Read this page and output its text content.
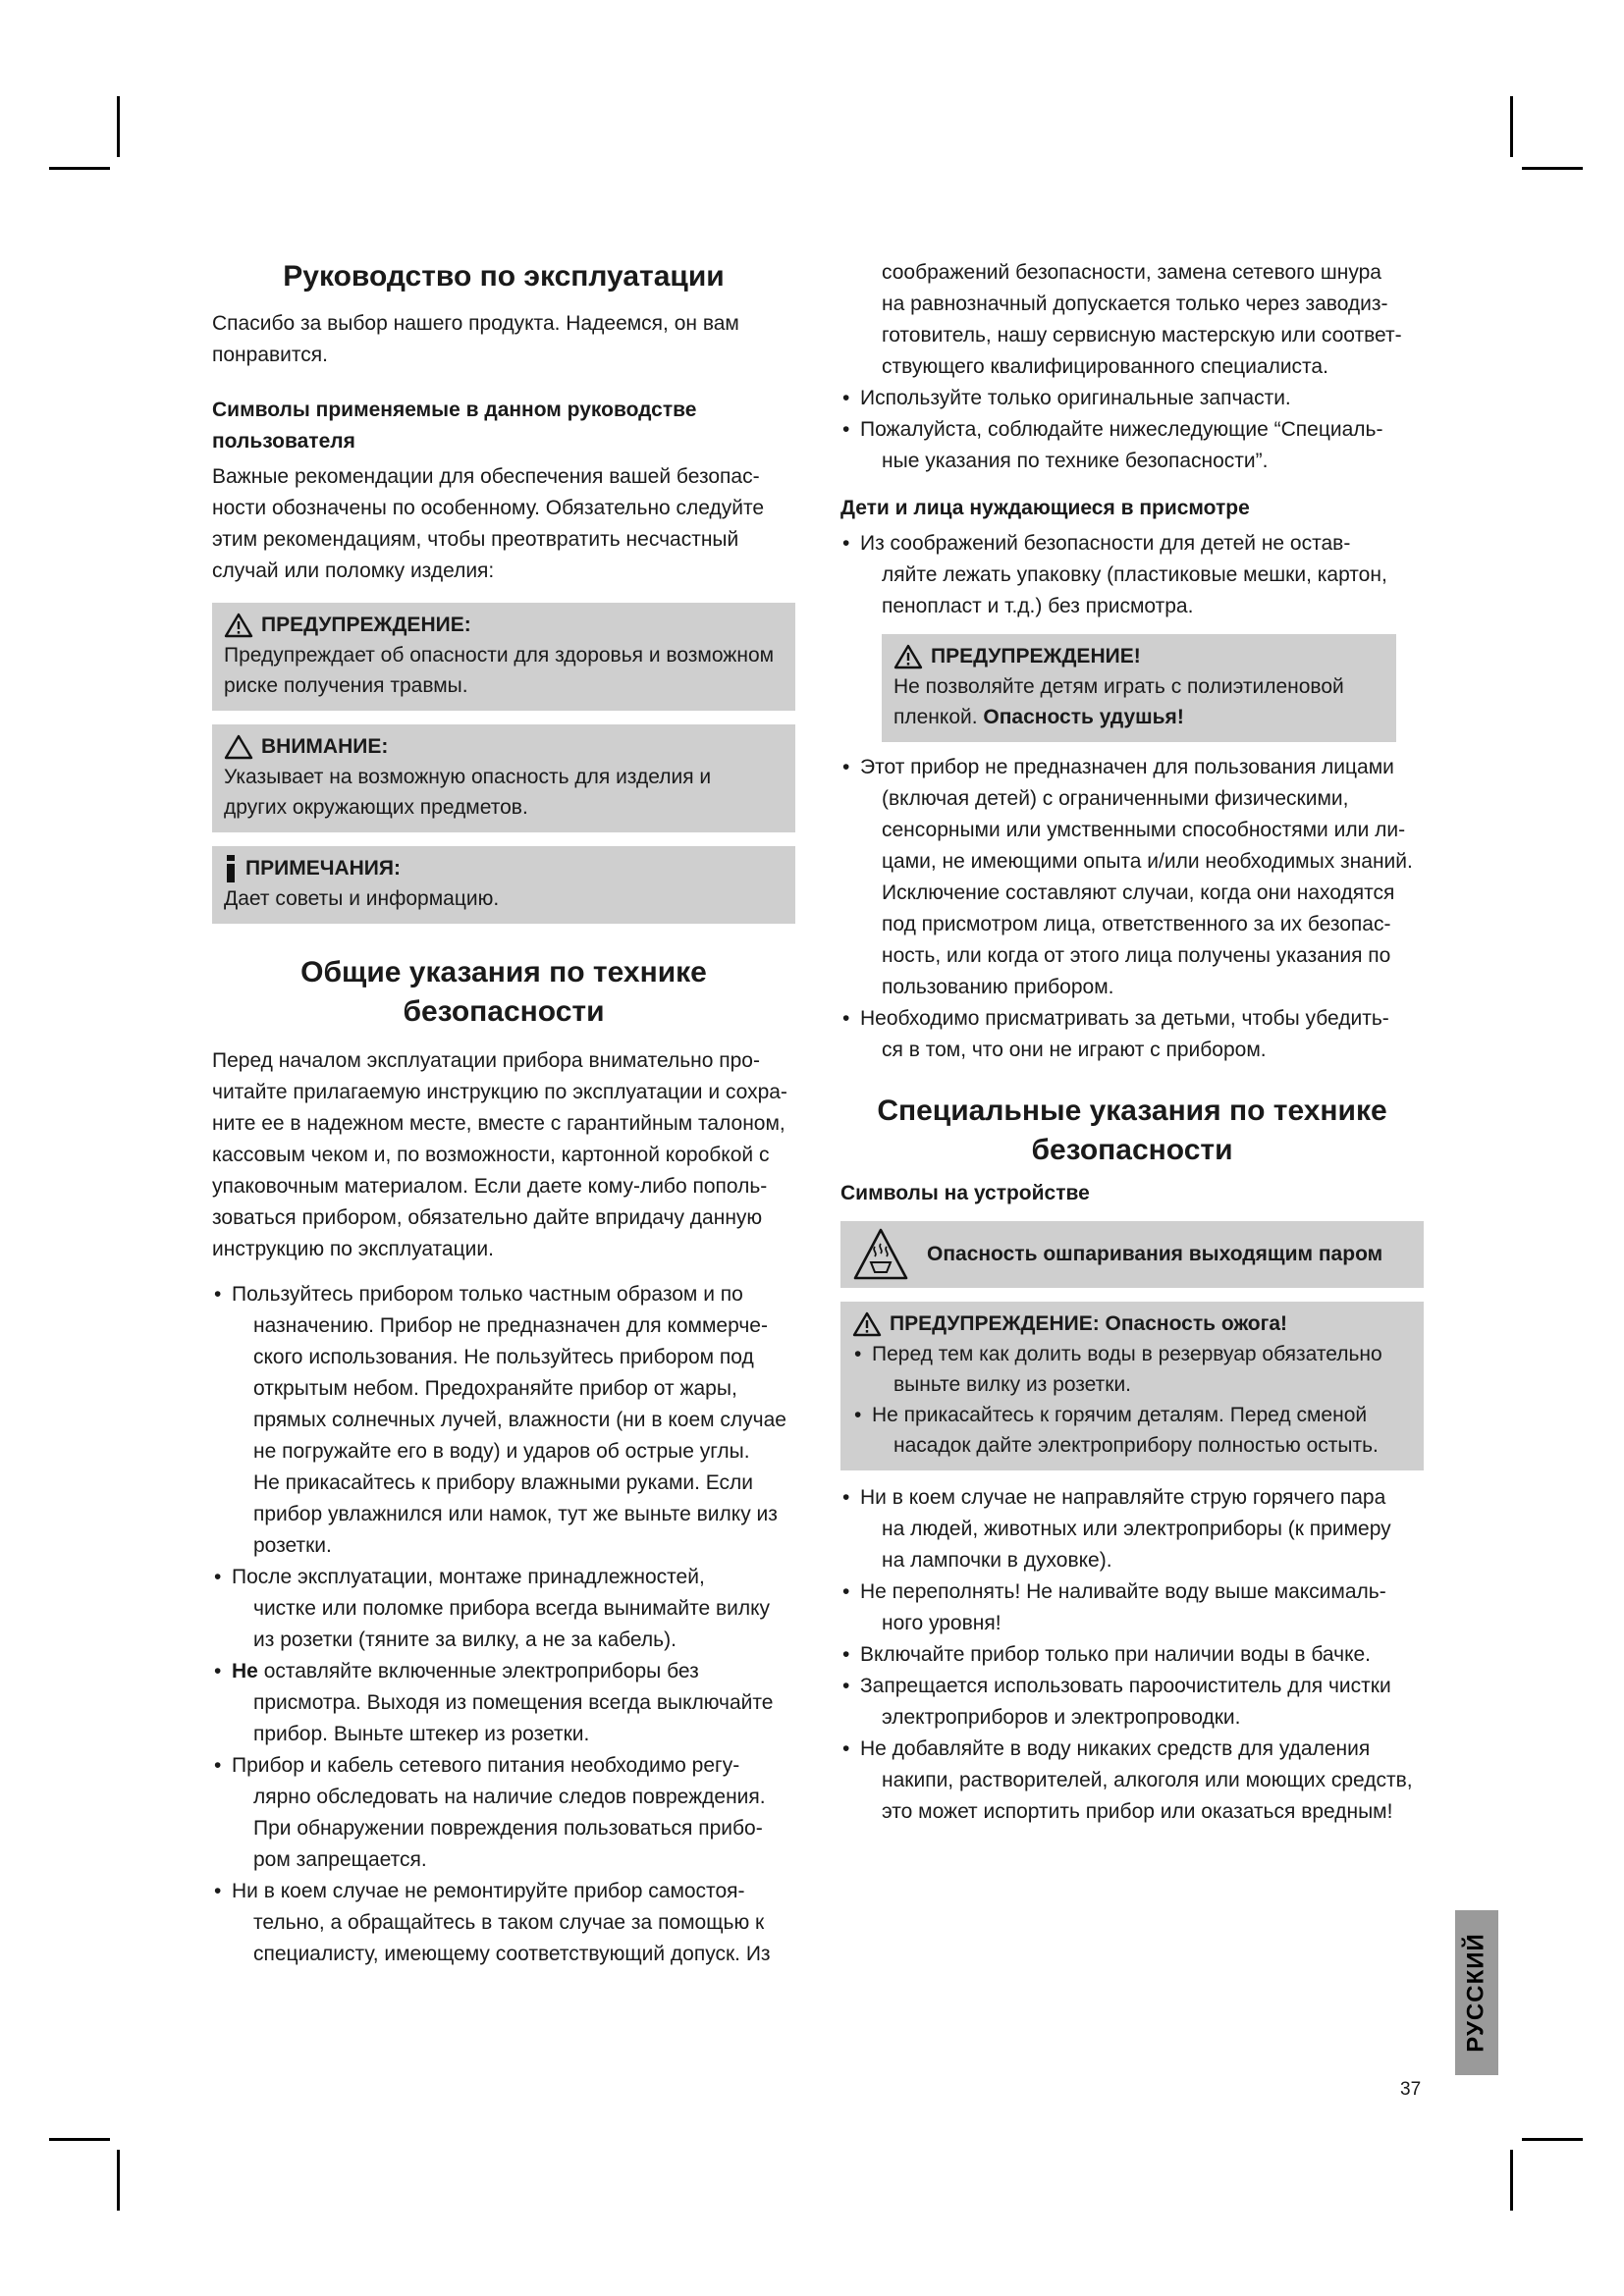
Руководство по эксплуатации

Спасибо за выбор нашего продукта. Надеемся, он вам

понравится.

Символы применяемые в данном руководстве

пользователя

Важные рекомендации для обеспечения вашей безопас-

ности обозначены по особенному. Обязательно следуйте

этим рекомендациям, чтобы преотвратить несчастный

случай или поломку изделия:

ПРЕДУПРЕЖДЕНИЕ:

Предупреждает об опасности для здоровья и возможном

риске получения травмы.

ВНИМАНИЕ:

Указывает на возможную опасность для изделия и

других окружающих предметов.

ПРИМЕЧАНИЯ:

Дает советы и информацию.

Общие указания по технике безопасности

Перед началом эксплуатации прибора внимательно про-

читайте прилагаемую инструкцию по эксплуатации и сохра-

ните ее в надежном месте, вместе с гарантийным талоном,

кассовым чеком и, по возможности, картонной коробкой с

упаковочным материалом. Если даете кому-либо пополь-

зоваться прибором, обязательно дайте впридачу данную

инструкцию по эксплуатации.

• Пользуйтесь прибором только частным образом и по
назначению. Прибор не предназначен для коммерче-
ского использования. Не пользуйтесь прибором под
открытым небом. Предохраняйте прибор от жары,
прямых солнечных лучей, влажности (ни в коем случае
не погружайте его в воду) и ударов об острые углы.
Не прикасайтесь к прибору влажными руками. Если
прибор увлажнился или намок, тут же выньте вилку из
розетки.
• После эксплуатации, монтаже принадлежностей,
чистке или поломке прибора всегда вынимайте вилку
из розетки (тяните за вилку, а не за кабель).
• Не оставляйте включенные электроприборы без
присмотра. Выходя из помещения всегда выключайте
прибор. Выньте штекер из розетки.
• Прибор и кабель сетевого питания необходимо регу-
лярно обследовать на наличие следов повреждения.
При обнаружении повреждения пользоваться прибо-
ром запрещается.
• Ни в коем случае не ремонтируйте прибор самостоя-
тельно, а обращайтесь в таком случае за помощью к
специалисту, имеющему соответствующий допуск. Из

соображений безопасности, замена сетевого шнура

на равнозначный допускается только через заводиз-

готовитель, нашу сервисную мастерскую или соответ-

ствующего квалифицированного специалиста.

• Используйте только оригинальные запчасти.
• Пожалуйста, соблюдайте нижеследующие “Специаль-
ные указания по технике безопасности”.

Дети и лица нуждающиеся в присмотре

• Из соображений безопасности для детей не остав-
ляйте лежать упаковку (пластиковые мешки, картон,
пенопласт и т.д.) без присмотра.
ПРЕДУПРЕЖДЕНИЕ!

Не позволяйте детям играть с полиэтиленовой

пленкой. Опасность удушья!

• Этот прибор не предназначен для пользования лицами
(включая детей) с ограниченными физическими,
сенсорными или умственными способностями или ли-
цами, не имеющими опыта и/или необходимых знаний.
Исключение составляют случаи, когда они находятся
под присмотром лица, ответственного за их безопас-
ность, или когда от этого лица получены указания по
пользованию прибором.
• Необходимо присматривать за детьми, чтобы убедить-
ся в том, что они не играют с прибором.

Специальные указания по технике

безопасности

Символы на устройстве

Опасность ошпаривания выходящим паром
ПРЕДУПРЕЖДЕНИЕ: Опасность ожога!
• Перед тем как долить воды в резервуар обязательно
выньте вилку из розетки.
• Не прикасайтесь к горячим деталям. Перед сменой
насадок дайте электроприбору полностью остыть.
• Ни в коем случае не направляйте струю горячего пара
на людей, животных или электроприборы (к примеру
на лампочки в духовке).
• Не переполнять! Не наливайте воду выше максималь-
ного уровня!
• Включайте прибор только при наличии воды в бачке.
• Запрещается использовать пароочиститель для чистки
электроприборов и электропроводки.
• Не добавляйте в воду никаких средств для удаления
накипи, растворителей, алкоголя или моющих средств,
это может испортить прибор или оказаться вредным!
РУССКИЙ
37
